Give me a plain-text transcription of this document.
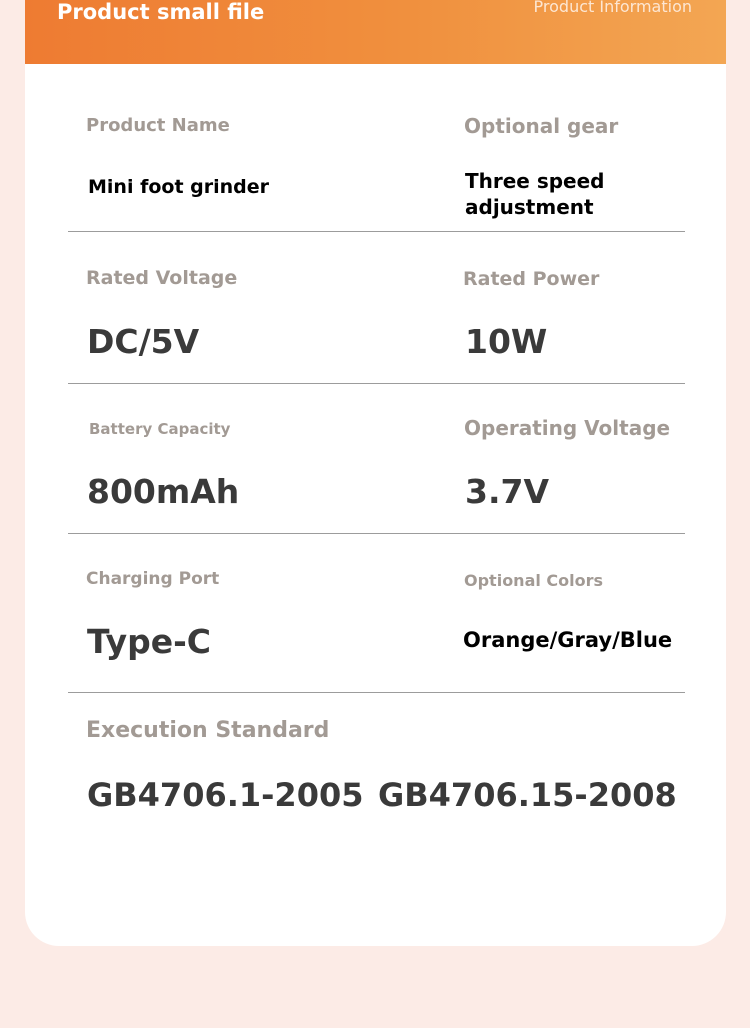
Product small file	Product Information
Product Name
Mini foot grinder
Optional gear
Three speed
adjustment
Rated Voltage
DC/5V
Rated Power
10W
Battery Capacity
800mAh
Operating Voltage
3.7V
Charging Port
Type-C
Optional Colors
Orange/Gray/Blue
Execution Standard
GB4706.1-2005 GB4706.15-2008
